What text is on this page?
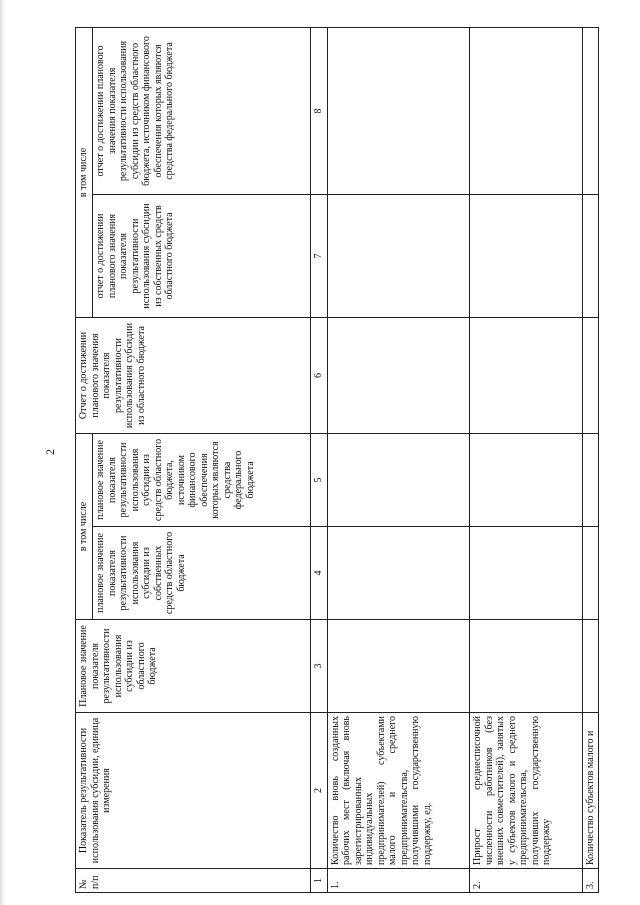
2
№ п/п	Показатель результативности использования субсидии, единица измерения	Плановое значение показателя результативности использования субсидии из областного бюджета	в том числе		Отчет о достижении планового значения показателя результативности использования субсидии из областного бюджета	в том числе	
			плановое значение показателя результативности использования субсидии из собственных средств областного бюджета	плановое значение показателя результативности использования субсидии из средств областного бюджета, источником финансового обеспечения которых являются средства федерального бюджета		отчет о достижении планового значения показателя результативности использования субсидии из собственных средств областного бюджета	отчет о достижении планового значения показателя результативности использования субсидии из средств областного бюджета, источником финансового обеспечения которых являются средства федерального бюджета
1	2	3	4	5	6	7	8
1.	Количество вновь созданных рабочих мест (включая вновь зарегистрированных индивидуальных предпринимателей) субъектами малого и среднего предпринимательства, получившими государственную поддержку, ед.						
2.	Прирост среднесписочной численности работников (без внешних совместителей), занятых у субъектов малого и среднего предпринимательства, получивших государственную поддержку						
3.	Количество субъектов малого и						
